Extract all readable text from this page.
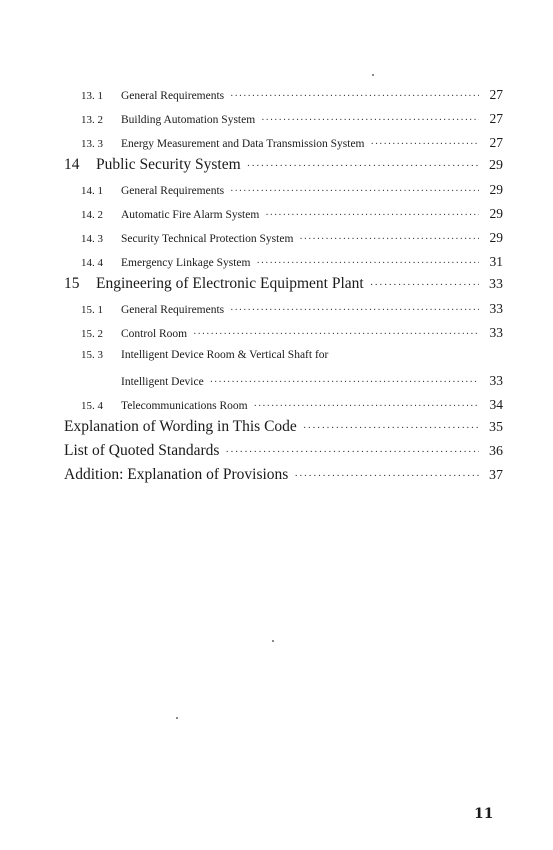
13. 1	General Requirements ·····	27
13. 2	Building Automation System ·····	27
13. 3	Energy Measurement and Data Transmission System ·····	27
14	Public Security System ·····	29
14. 1	General Requirements ·····	29
14. 2	Automatic Fire Alarm System ·····	29
14. 3	Security Technical Protection System ·····	29
14. 4	Emergency Linkage System ·····	31
15	Engineering of Electronic Equipment Plant ·····	33
15. 1	General Requirements ·····	33
15. 2	Control Room ·····	33
15. 3	Intelligent Device Room & Vertical Shaft for
Intelligent Device ·····	33
15. 4	Telecommunications Room ·····	34
Explanation of Wording in This Code ·····	35
List of Quoted Standards ·····	36
Addition: Explanation of Provisions ·····	37
11
